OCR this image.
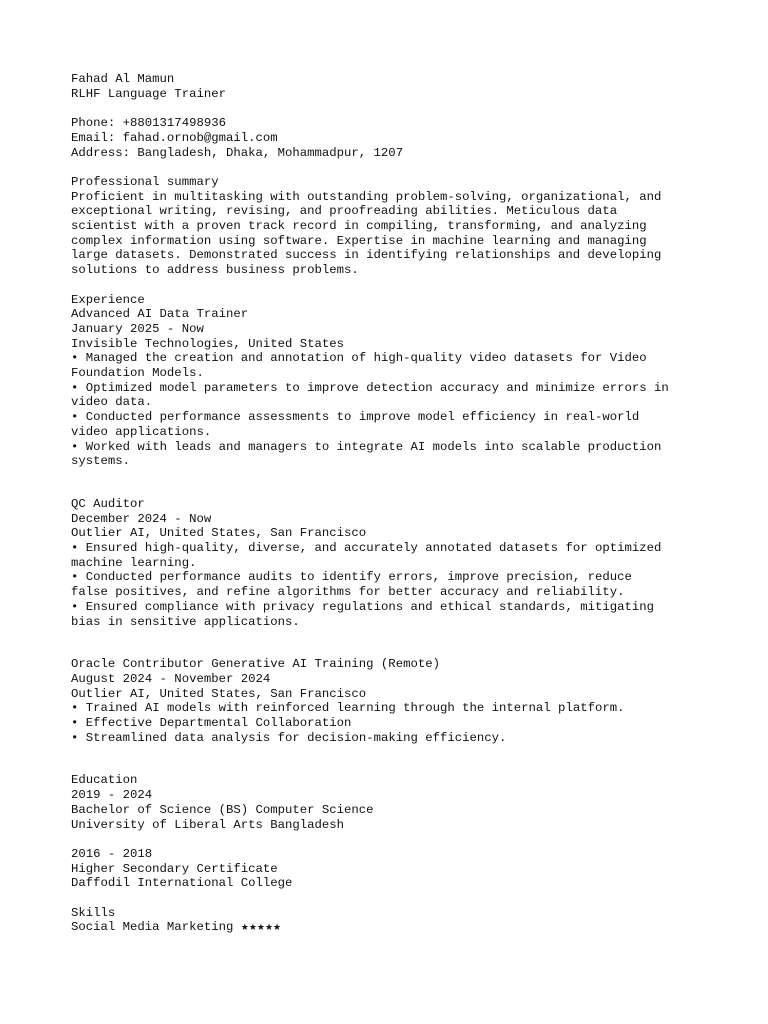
Fahad Al Mamun
RLHF Language Trainer
Phone: +8801317498936
Email: fahad.ornob@gmail.com
Address: Bangladesh, Dhaka, Mohammadpur, 1207
Professional summary
Proficient in multitasking with outstanding problem-solving, organizational, and
exceptional writing, revising, and proofreading abilities. Meticulous data
scientist with a proven track record in compiling, transforming, and analyzing
complex information using software. Expertise in machine learning and managing
large datasets. Demonstrated success in identifying relationships and developing
solutions to address business problems.
Experience
Advanced AI Data Trainer
January 2025 - Now
Invisible Technologies, United States
• Managed the creation and annotation of high-quality video datasets for Video
Foundation Models.
• Optimized model parameters to improve detection accuracy and minimize errors in
video data.
• Conducted performance assessments to improve model efficiency in real-world
video applications.
• Worked with leads and managers to integrate AI models into scalable production
systems.
QC Auditor
December 2024 - Now
Outlier AI, United States, San Francisco
• Ensured high-quality, diverse, and accurately annotated datasets for optimized
machine learning.
• Conducted performance audits to identify errors, improve precision, reduce
false positives, and refine algorithms for better accuracy and reliability.
• Ensured compliance with privacy regulations and ethical standards, mitigating
bias in sensitive applications.
Oracle Contributor Generative AI Training (Remote)
August 2024 - November 2024
Outlier AI, United States, San Francisco
• Trained AI models with reinforced learning through the internal platform.
• Effective Departmental Collaboration
• Streamlined data analysis for decision-making efficiency.
Education
2019 - 2024
Bachelor of Science (BS) Computer Science
University of Liberal Arts Bangladesh
2016 - 2018
Higher Secondary Certificate
Daffodil International College
Skills
Social Media Marketing ★★★★★
